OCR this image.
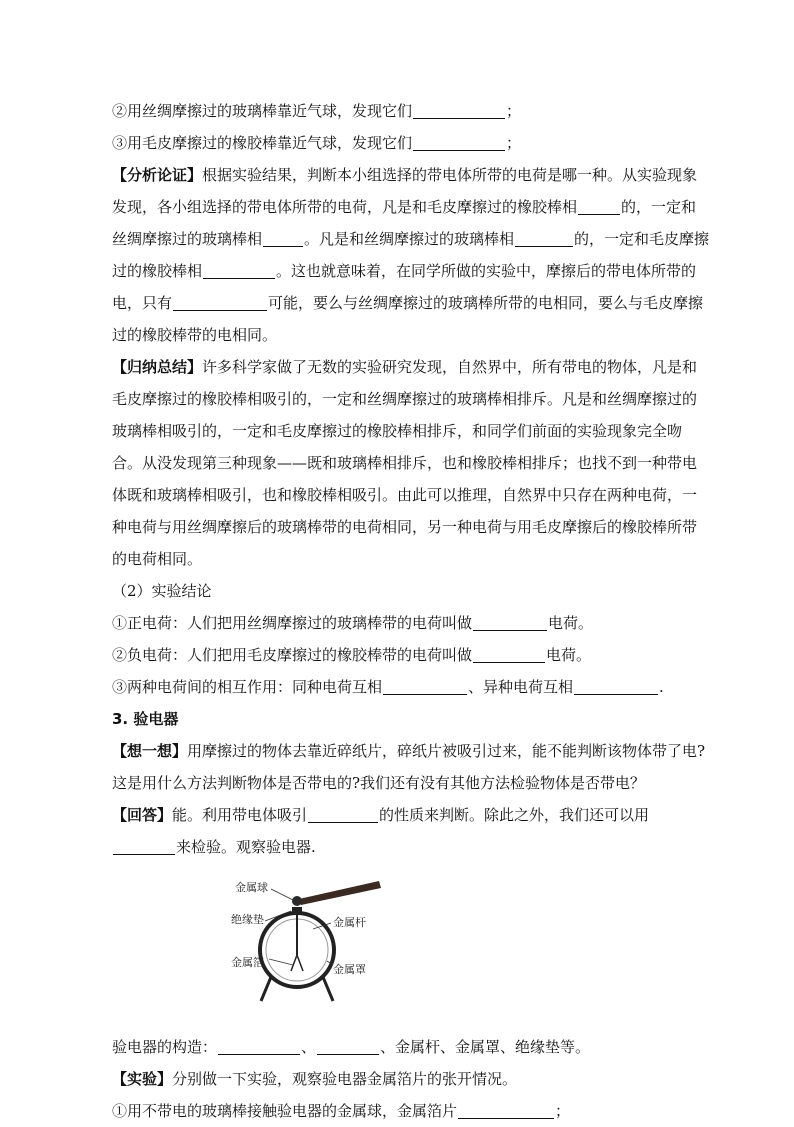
②用丝绸摩擦过的玻璃棒靠近气球，发现它们	；

③用毛皮摩擦过的橡胶棒靠近气球，发现它们	；

【分析论证】根据实验结果，判断本小组选择的带电体所带的电荷是哪一种。从实验现象发现，各小组选择的带电体所带的电荷，凡是和毛皮摩擦过的橡胶棒相	的，一定和丝绸摩擦过的玻璃棒相	。凡是和丝绸摩擦过的玻璃棒相	的，一定和毛皮摩擦过的橡胶棒相	。这也就意味着，在同学所做的实验中，摩擦后的带电体所带的电，只有	可能，要么与丝绸摩擦过的玻璃棒所带的电相同，要么与毛皮摩擦过的橡胶棒带的电相同。

【归纳总结】许多科学家做了无数的实验研究发现，自然界中，所有带电的物体，凡是和毛皮摩擦过的橡胶棒相吸引的，一定和丝绸摩擦过的玻璃棒相排斥。凡是和丝绸摩擦过的玻璃棒相吸引的，一定和毛皮摩擦过的橡胶棒相排斥，和同学们前面的实验现象完全吻合。从没发现第三种现象——既和玻璃棒相排斥，也和橡胶棒相排斥；也找不到一种带电体既和玻璃棒相吸引，也和橡胶棒相吸引。由此可以推理，自然界中只存在两种电荷，一种电荷与用丝绸摩擦后的玻璃棒带的电荷相同，另一种电荷与用毛皮摩擦后的橡胶棒所带的电荷相同。

（2）实验结论

①正电荷：人们把用丝绸摩擦过的玻璃棒带的电荷叫做	电荷。

②负电荷：人们把用毛皮摩擦过的橡胶棒带的电荷叫做	电荷。

③两种电荷间的相互作用：同种电荷互相	、异种电荷互相	.

3. 验电器

【想一想】用摩擦过的物体去靠近碎纸片，碎纸片被吸引过来，能不能判断该物体带了电?这是用什么方法判断物体是否带电的?我们还有没有其他方法检验物体是否带电？

【回答】能。利用带电体吸引	的性质来判断。除此之外，我们还可以用来检验。观察验电器.

金属球
绝缘垫	金属杆
金属箔
金属罩

验电器的构造：	、	、金属杆、金属罩、绝缘垫等。

【实验】分别做一下实验，观察验电器金属箔片的张开情况。

①用不带电的玻璃棒接触验电器的金属球，金属箔片	；
